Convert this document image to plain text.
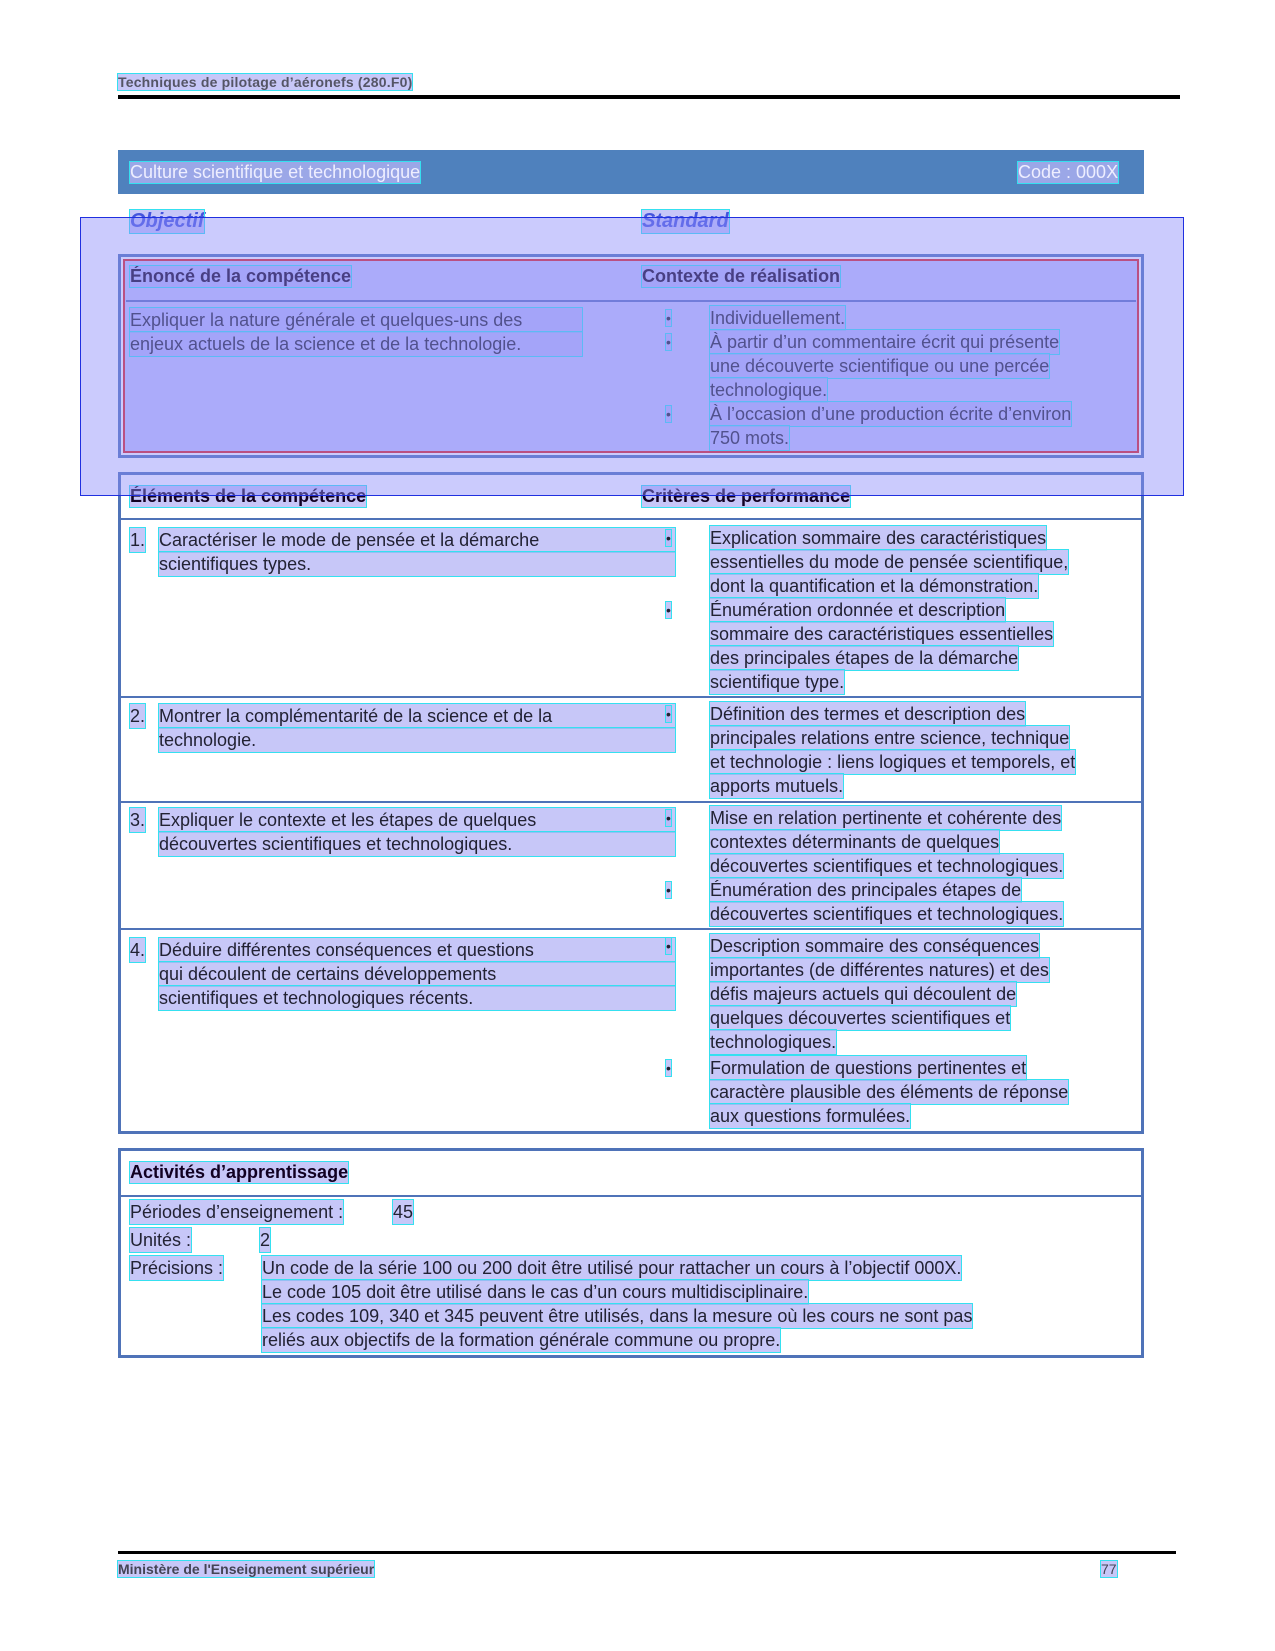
Techniques de pilotage d’aéronefs (280.F0)
Culture scientifique et technologique	Code : 000X
Objectif	Standard
Énoncé de la compétence	Contexte de réalisation
Expliquer la nature générale et quelques-uns des
enjeux actuels de la science et de la technologie.
• Individuellement.
• À partir d’un commentaire écrit qui présente
une découverte scientifique ou une percée
technologique.
• À l’occasion d’une production écrite d’environ
750 mots.
Éléments de la compétence	Critères de performance
1. Caractériser le mode de pensée et la démarche
scientifiques types.
• Explication sommaire des caractéristiques
essentielles du mode de pensée scientifique,
dont la quantification et la démonstration.
• Énumération ordonnée et description
sommaire des caractéristiques essentielles
des principales étapes de la démarche
scientifique type.
2. Montrer la complémentarité de la science et de la
technologie.
• Définition des termes et description des
principales relations entre science, technique
et technologie : liens logiques et temporels, et
apports mutuels.
3. Expliquer le contexte et les étapes de quelques
découvertes scientifiques et technologiques.
• Mise en relation pertinente et cohérente des
contextes déterminants de quelques
découvertes scientifiques et technologiques.
• Énumération des principales étapes de
découvertes scientifiques et technologiques.
4. Déduire différentes conséquences et questions
qui découlent de certains développements
scientifiques et technologiques récents.
• Description sommaire des conséquences
importantes (de différentes natures) et des
défis majeurs actuels qui découlent de
quelques découvertes scientifiques et
technologiques.
• Formulation de questions pertinentes et
caractère plausible des éléments de réponse
aux questions formulées.
Activités d’apprentissage
Périodes d’enseignement :	45
Unités :	2
Précisions : Un code de la série 100 ou 200 doit être utilisé pour rattacher un cours à l’objectif 000X.
Le code 105 doit être utilisé dans le cas d’un cours multidisciplinaire.
Les codes 109, 340 et 345 peuvent être utilisés, dans la mesure où les cours ne sont pas
reliés aux objectifs de la formation générale commune ou propre.
Ministère de l'Enseignement supérieur	77
